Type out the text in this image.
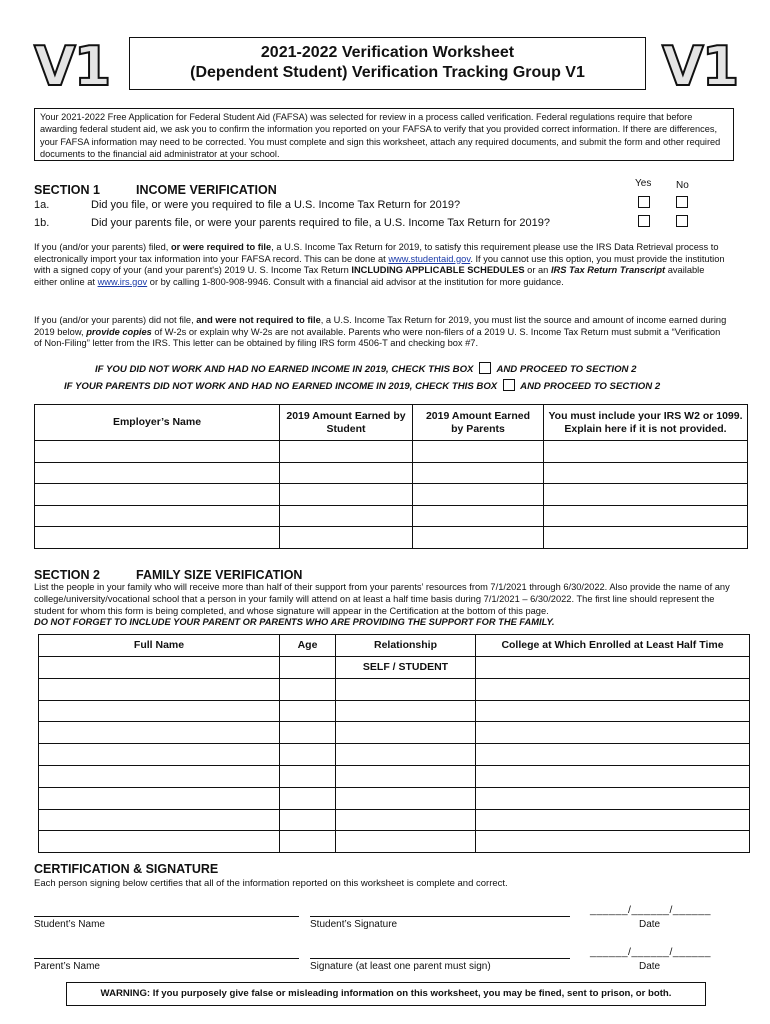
V1	V1
2021-2022 Verification Worksheet
(Dependent Student) Verification Tracking Group V1
Your 2021-2022 Free Application for Federal Student Aid (FAFSA) was selected for review in a process called verification. Federal regulations require that before awarding federal student aid, we ask you to confirm the information you reported on your FAFSA to verify that you provided correct information. If there are differences, your FAFSA information may need to be corrected. You must complete and sign this worksheet, attach any required documents, and submit the form and other required documents to the financial aid administrator at your school.
SECTION 1	INCOME VERIFICATION	Yes No
1a.	Did you file, or were you required to file a U.S. Income Tax Return for 2019?
1b.	Did your parents file, or were your parents required to file, a U.S. Income Tax Return for 2019?
If you (and/or your parents) filed, or were required to file, a U.S. Income Tax Return for 2019, to satisfy this requirement please use the IRS Data Retrieval process to electronically import your tax information into your FAFSA record. This can be done at www.studentaid.gov. If you cannot use this option, you must provide the institution with a signed copy of your (and your parent's) 2019 U. S. Income Tax Return INCLUDING APPLICABLE SCHEDULES or an IRS Tax Return Transcript available either online at www.irs.gov or by calling 1-800-908-9946. Consult with a financial aid advisor at the institution for more guidance.
If you (and/or your parents) did not file, and were not required to file, a U.S. Income Tax Return for 2019, you must list the source and amount of income earned during 2019 below, provide copies of W-2s or explain why W-2s are not available. Parents who were non-filers of a 2019 U. S. Income Tax Return must submit a “Verification of Non-Filing” letter from the IRS. This letter can be obtained by filing IRS form 4506-T and checking box #7.
IF YOU DID NOT WORK AND HAD NO EARNED INCOME IN 2019, CHECK THIS BOX AND PROCEED TO SECTION 2
IF YOUR PARENTS DID NOT WORK AND HAD NO EARNED INCOME IN 2019, CHECK THIS BOX AND PROCEED TO SECTION 2
Employer’s Name	2019 Amount Earned by Student	2019 Amount Earned by Parents	You must include your IRS W2 or 1099. Explain here if it is not provided.

SECTION 2	FAMILY SIZE VERIFICATION
List the people in your family who will receive more than half of their support from your parents’ resources from 7/1/2021 through 6/30/2022. Also provide the name of any college/university/vocational school that a person in your family will attend on at least a half time basis during 7/1/2021 – 6/30/2022. The first line should represent the student for whom this form is being completed, and whose signature will appear in the Certification at the bottom of this page.
DO NOT FORGET TO INCLUDE YOUR PARENT OR PARENTS WHO ARE PROVIDING THE SUPPORT FOR THE FAMILY.
Full Name	Age	Relationship	College at Which Enrolled at Least Half Time
		SELF / STUDENT	

CERTIFICATION & SIGNATURE
Each person signing below certifies that all of the information reported on this worksheet is complete and correct.
______/______/______
Student’s Name	Student’s Signature	Date
______/______/______
Parent’s Name	Signature (at least one parent must sign)	Date
WARNING: If you purposely give false or misleading information on this worksheet, you may be fined, sent to prison, or both.
